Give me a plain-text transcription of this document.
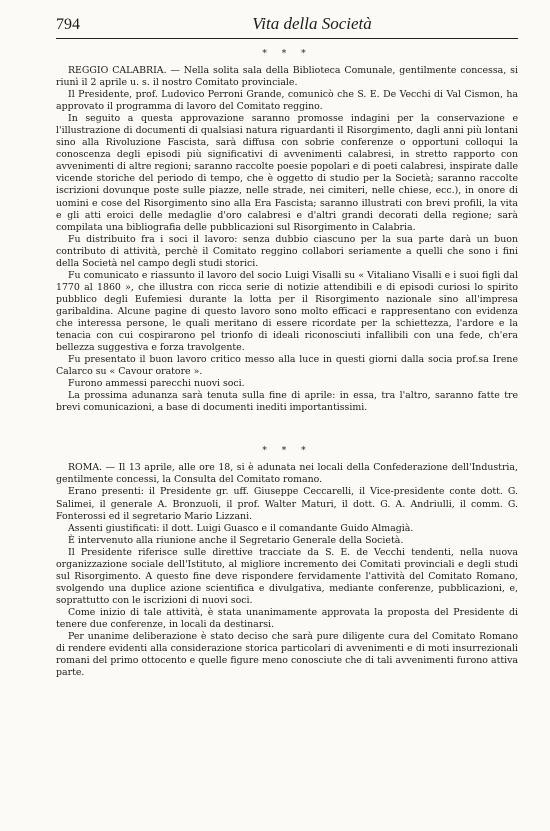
794	Vita della Società
* * *

REGGIO CALABRIA. — Nella solita sala della Biblioteca Comunale, gentilmente concessa, si riunì il 2 aprile u. s. il nostro Comitato provinciale.

Il Presidente, prof. Ludovico Perroni Grande, comunicò che S. E. De Vecchi di Val Cismon, ha approvato il programma di lavoro del Comitato reggino.

In seguito a questa approvazione saranno promosse indagini per la conservazione e l'illustrazione di documenti di qualsiasi natura riguardanti il Risorgimento, dagli anni più lontani sino alla Rivoluzione Fascista, sarà diffusa con sobrie conferenze o opportuni colloqui la conoscenza degli episodi più significativi di avvenimenti calabresi, in stretto rapporto con avvenimenti di altre regioni; saranno raccolte poesie popolari e di poeti calabresi, inspirate dalle vicende storiche del periodo di tempo, che è oggetto di studio per la Società; saranno raccolte iscrizioni dovunque poste sulle piazze, nelle strade, nei cimiteri, nelle chiese, ecc.), in onore di uomini e cose del Risorgimento sino alla Era Fascista; saranno illustrati con brevi profili, la vita e gli atti eroici delle medaglie d'oro calabresi e d'altri grandi decorati della regione; sarà compilata una bibliografia delle pubblicazioni sul Risorgimento in Calabria.

Fu distribuito fra i soci il lavoro: senza dubbio ciascuno per la sua parte darà un buon contributo di attività, perchè il Comitato reggino collabori seriamente a quelli che sono i fini della Società nel campo degli studi storici.

Fu comunicato e riassunto il lavoro del socio Luigi Visalli su « Vitaliano Visalli e i suoi figli dal 1770 al 1860 », che illustra con ricca serie di notizie attendibili e di episodi curiosi lo spirito pubblico degli Eufemiesi durante la lotta per il Risorgimento nazionale sino all'impresa garibaldina. Alcune pagine di questo lavoro sono molto efficaci e rappresentano con evidenza che interessa persone, le quali meritano di essere ricordate per la schiettezza, l'ardore e la tenacia con cui cospirarono pel trionfo di ideali riconosciuti infallibili con una fede, ch'era bellezza suggestiva e forza travolgente.

Fu presentato il buon lavoro critico messo alla luce in questi giorni dalla socia prof.sa Irene Calarco su « Cavour oratore ».

Furono ammessi parecchi nuovi soci.

La prossima adunanza sarà tenuta sulla fine di aprile: in essa, tra l'altro, saranno fatte tre brevi comunicazioni, a base di documenti inediti importantissimi.

* * *

ROMA. — Il 13 aprile, alle ore 18, si è adunata nei locali della Confederazione dell'Industria, gentilmente concessi, la Consulta del Comitato romano.

Erano presenti: il Presidente gr. uff. Giuseppe Ceccarelli, il Vice-presidente conte dott. G. Salimei, il generale A. Bronzuoli, il prof. Walter Maturi, il dott. G. A. Andriulli, il comm. G. Fonterossi ed il segretario Mario Lizzani.

Assenti giustificati: il dott. Luigi Guasco e il comandante Guido Almagià.

È intervenuto alla riunione anche il Segretario Generale della Società.

Il Presidente riferisce sulle direttive tracciate da S. E. de Vecchi tendenti, nella nuova organizzazione sociale dell'Istituto, al migliore incremento dei Comitati provinciali e degli studi sul Risorgimento. A questo fine deve rispondere fervidamente l'attività del Comitato Romano, svolgendo una duplice azione scientifica e divulgativa, mediante conferenze, pubblicazioni, e, soprattutto con le iscrizioni di nuovi soci.

Come inizio di tale attività, è stata unanimamente approvata la proposta del Presidente di tenere due conferenze, in locali da destinarsi.

Per unanime deliberazione è stato deciso che sarà pure diligente cura del Comitato Romano di rendere evidenti alla considerazione storica particolari di avvenimenti e di moti insurrezionali romani del primo ottocento e quelle figure meno conosciute che di tali avvenimenti furono attiva parte.
